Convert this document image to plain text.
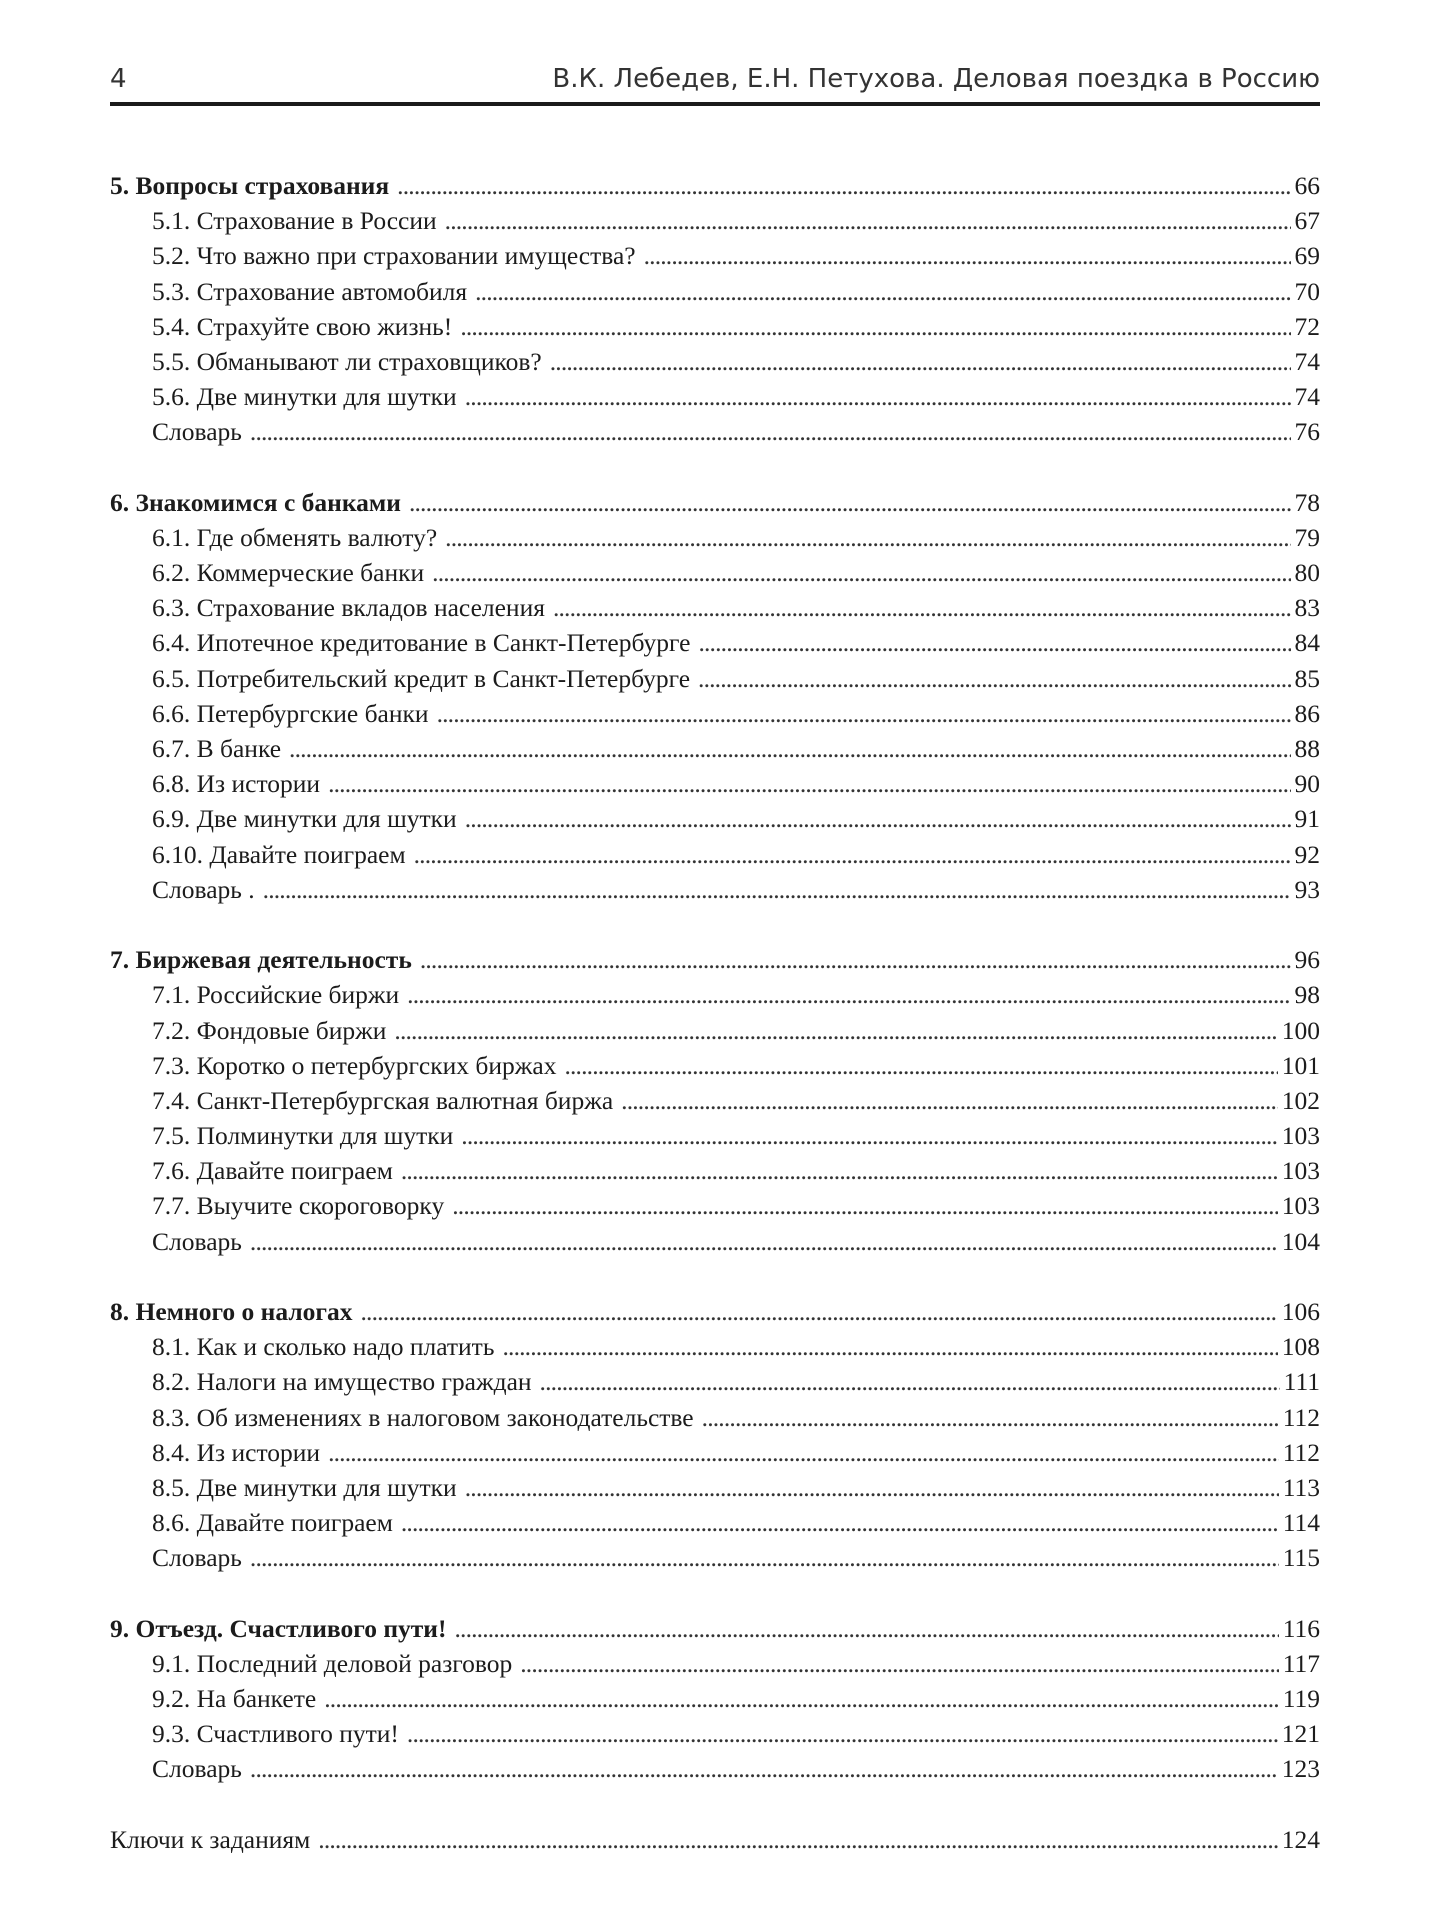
4	В.К. Лебедев, Е.Н. Петухова. Деловая поездка в Россию
5. Вопросы страхования . . .	66
5.1. Страхование в России . . .	67
5.2. Что важно при страховании имущества? . . .	69
5.3. Страхование автомобиля . . .	70
5.4. Страхуйте свою жизнь! . . .	72
5.5. Обманывают ли страховщиков? . . .	74
5.6. Две минутки для шутки . . .	74
Словарь . . .	76
6. Знакомимся с банками . . .	78
6.1. Где обменять валюту? . . .	79
6.2. Коммерческие банки . . .	80
6.3. Страхование вкладов населения . . .	83
6.4. Ипотечное кредитование в Санкт-Петербурге . . .	84
6.5. Потребительский кредит в Санкт-Петербурге . . .	85
6.6. Петербургские банки . . .	86
6.7. В банке . . .	88
6.8. Из истории . . .	90
6.9. Две минутки для шутки . . .	91
6.10. Давайте поиграем . . .	92
Словарь . . . .	93
7. Биржевая деятельность . . .	96
7.1. Российские биржи . . .	98
7.2. Фондовые биржи . . .	100
7.3. Коротко о петербургских биржах . . .	101
7.4. Санкт-Петербургская валютная биржа . . .	102
7.5. Полминутки для шутки . . .	103
7.6. Давайте поиграем . . .	103
7.7. Выучите скороговорку . . .	103
Словарь . . .	104
8. Немного о налогах . . .	106
8.1. Как и сколько надо платить . . .	108
8.2. Налоги на имущество граждан . . .	111
8.3. Об изменениях в налоговом законодательстве . . .	112
8.4. Из истории . . .	112
8.5. Две минутки для шутки . . .	113
8.6. Давайте поиграем . . .	114
Словарь . . .	115
9. Отъезд. Счастливого пути! . . .	116
9.1. Последний деловой разговор . . .	117
9.2. На банкете . . .	119
9.3. Счастливого пути! . . .	121
Словарь . . .	123
Ключи к заданиям . . .	124
